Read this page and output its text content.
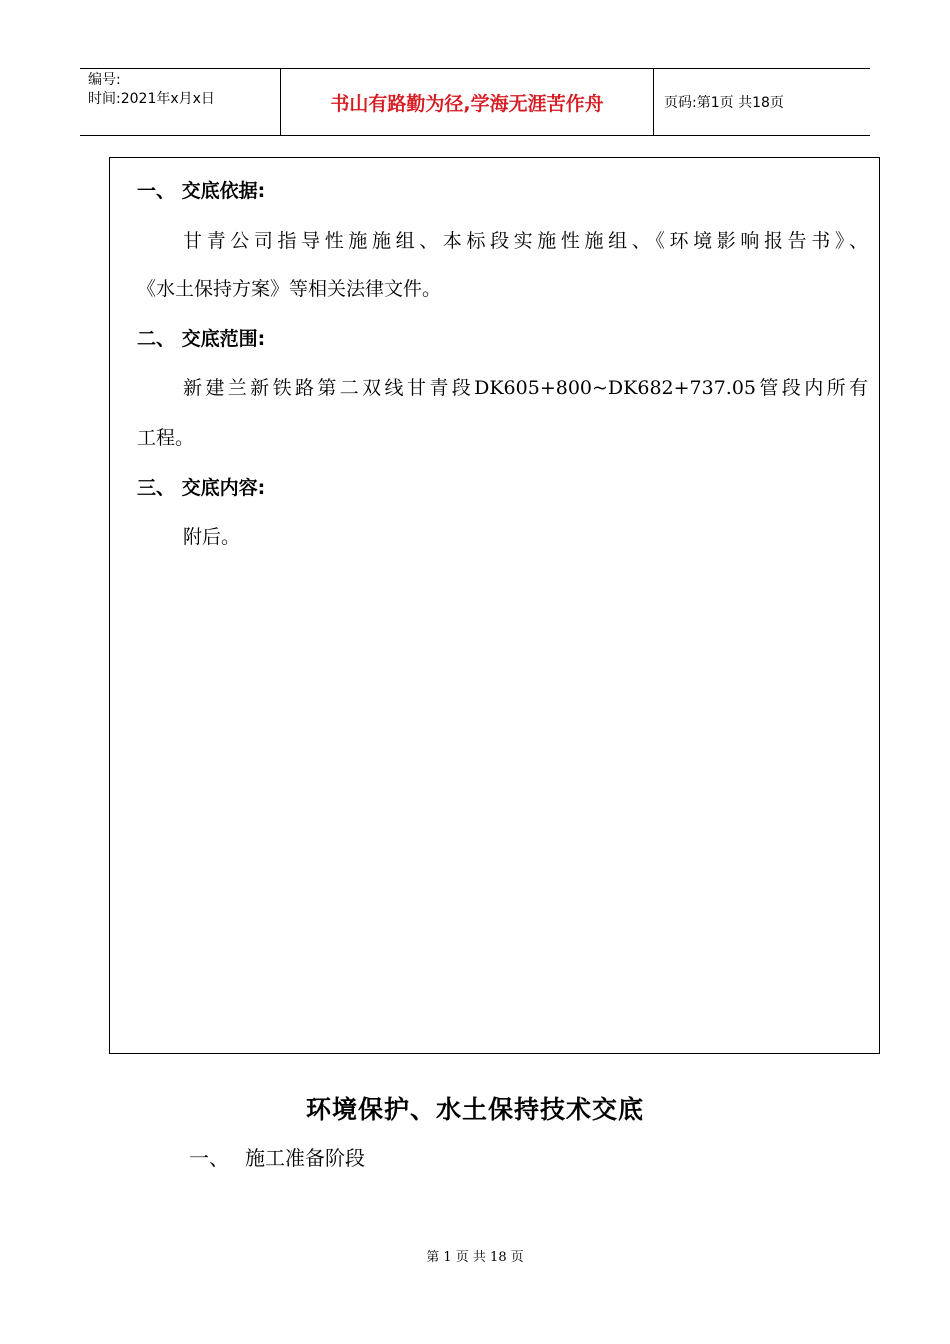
编号:
时间:2021年x月x日	书山有路勤为径,学海无涯苦作舟	页码:第1页 共18页
一、 交底依据:
甘青公司指导性施施组、本标段实施性施组、《环境影响报告书》、
《水土保持方案》等相关法律文件。
二、 交底范围:
新建兰新铁路第二双线甘青段DK605+800~DK682+737.05管段内所有
工程。
三、 交底内容:
附后。
环境保护、水土保持技术交底
一、 施工准备阶段
第 1 页 共 18 页
